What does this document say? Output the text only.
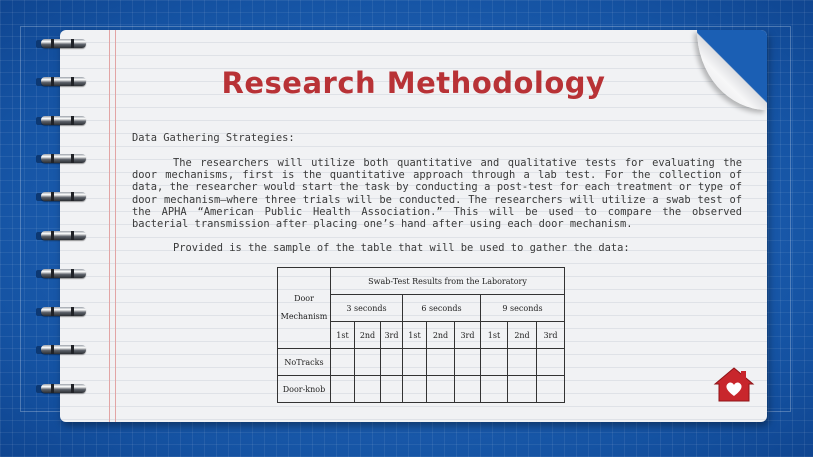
Research Methodology

Data Gathering Strategies:

The researchers will utilize both quantitative and qualitative tests for evaluating the door mechanisms, first is the quantitative approach through a lab test. For the collection of data, the researcher would start the task by conducting a post-test for each treatment or type of door mechanism—where three trials will be conducted. The researchers will utilize a swab test of the APHA “American Public Health Association.” This will be used to compare the observed bacterial transmission after placing one’s hand after using each door mechanism.

Provided is the sample of the table that will be used to gather the data:

Door Mechanism	Swab-Test Results from the Laboratory								
	3 seconds			6 seconds			9 seconds		
	1st	2nd	3rd	1st	2nd	3rd	1st	2nd	3rd
NoTracks									
Door-knob									
